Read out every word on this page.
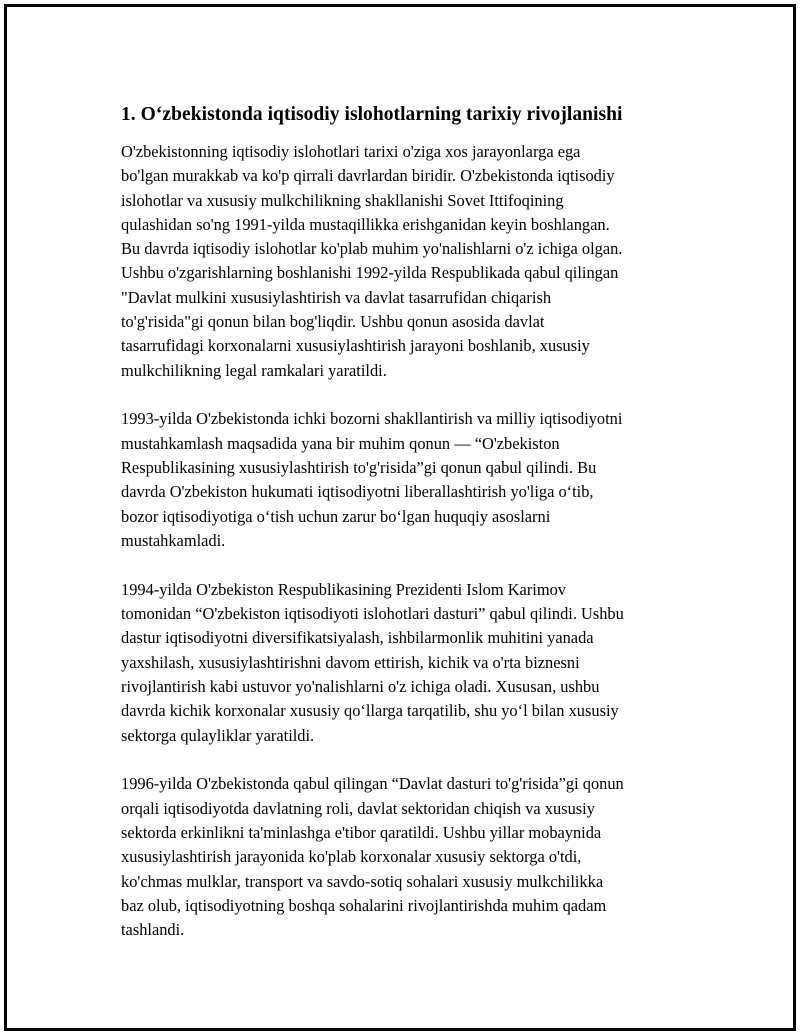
1. O‘zbekistonda iqtisodiy islohotlarning tarixiy rivojlanishi

O'zbekistonning iqtisodiy islohotlari tarixi o'ziga xos jarayonlarga ega
bo'lgan murakkab va ko'p qirrali davrlardan biridir. O'zbekistonda iqtisodiy
islohotlar va xususiy mulkchilikning shakllanishi Sovet Ittifoqining
qulashidan so'ng 1991-yilda mustaqillikka erishganidan keyin boshlangan.
Bu davrda iqtisodiy islohotlar ko'plab muhim yo'nalishlarni o'z ichiga olgan.
Ushbu o'zgarishlarning boshlanishi 1992-yilda Respublikada qabul qilingan
"Davlat mulkini xususiylashtirish va davlat tasarrufidan chiqarish
to'g'risida"gi qonun bilan bog'liqdir. Ushbu qonun asosida davlat
tasarrufidagi korxonalarni xususiylashtirish jarayoni boshlanib, xususiy
mulkchilikning legal ramkalari yaratildi.

1993-yilda O'zbekistonda ichki bozorni shakllantirish va milliy iqtisodiyotni
mustahkamlash maqsadida yana bir muhim qonun — “O'zbekiston
Respublikasining xususiylashtirish to'g'risida”gi qonun qabul qilindi. Bu
davrda O'zbekiston hukumati iqtisodiyotni liberallashtirish yo'liga o‘tib,
bozor iqtisodiyotiga o‘tish uchun zarur bo‘lgan huquqiy asoslarni
mustahkamladi.

1994-yilda O'zbekiston Respublikasining Prezidenti Islom Karimov
tomonidan “O'zbekiston iqtisodiyoti islohotlari dasturi” qabul qilindi. Ushbu
dastur iqtisodiyotni diversifikatsiyalash, ishbilarmonlik muhitini yanada
yaxshilash, xususiylashtirishni davom ettirish, kichik va o'rta biznesni
rivojlantirish kabi ustuvor yo'nalishlarni o'z ichiga oladi. Xususan, ushbu
davrda kichik korxonalar xususiy qo‘llarga tarqatilib, shu yo‘l bilan xususiy
sektorga qulayliklar yaratildi.

1996-yilda O'zbekistonda qabul qilingan “Davlat dasturi to'g'risida”gi qonun
orqali iqtisodiyotda davlatning roli, davlat sektoridan chiqish va xususiy
sektorda erkinlikni ta'minlashga e'tibor qaratildi. Ushbu yillar mobaynida
xususiylashtirish jarayonida ko'plab korxonalar xususiy sektorga o'tdi,
ko'chmas mulklar, transport va savdo-sotiq sohalari xususiy mulkchilikka
baz olub, iqtisodiyotning boshqa sohalarini rivojlantirishda muhim qadam
tashlandi.
